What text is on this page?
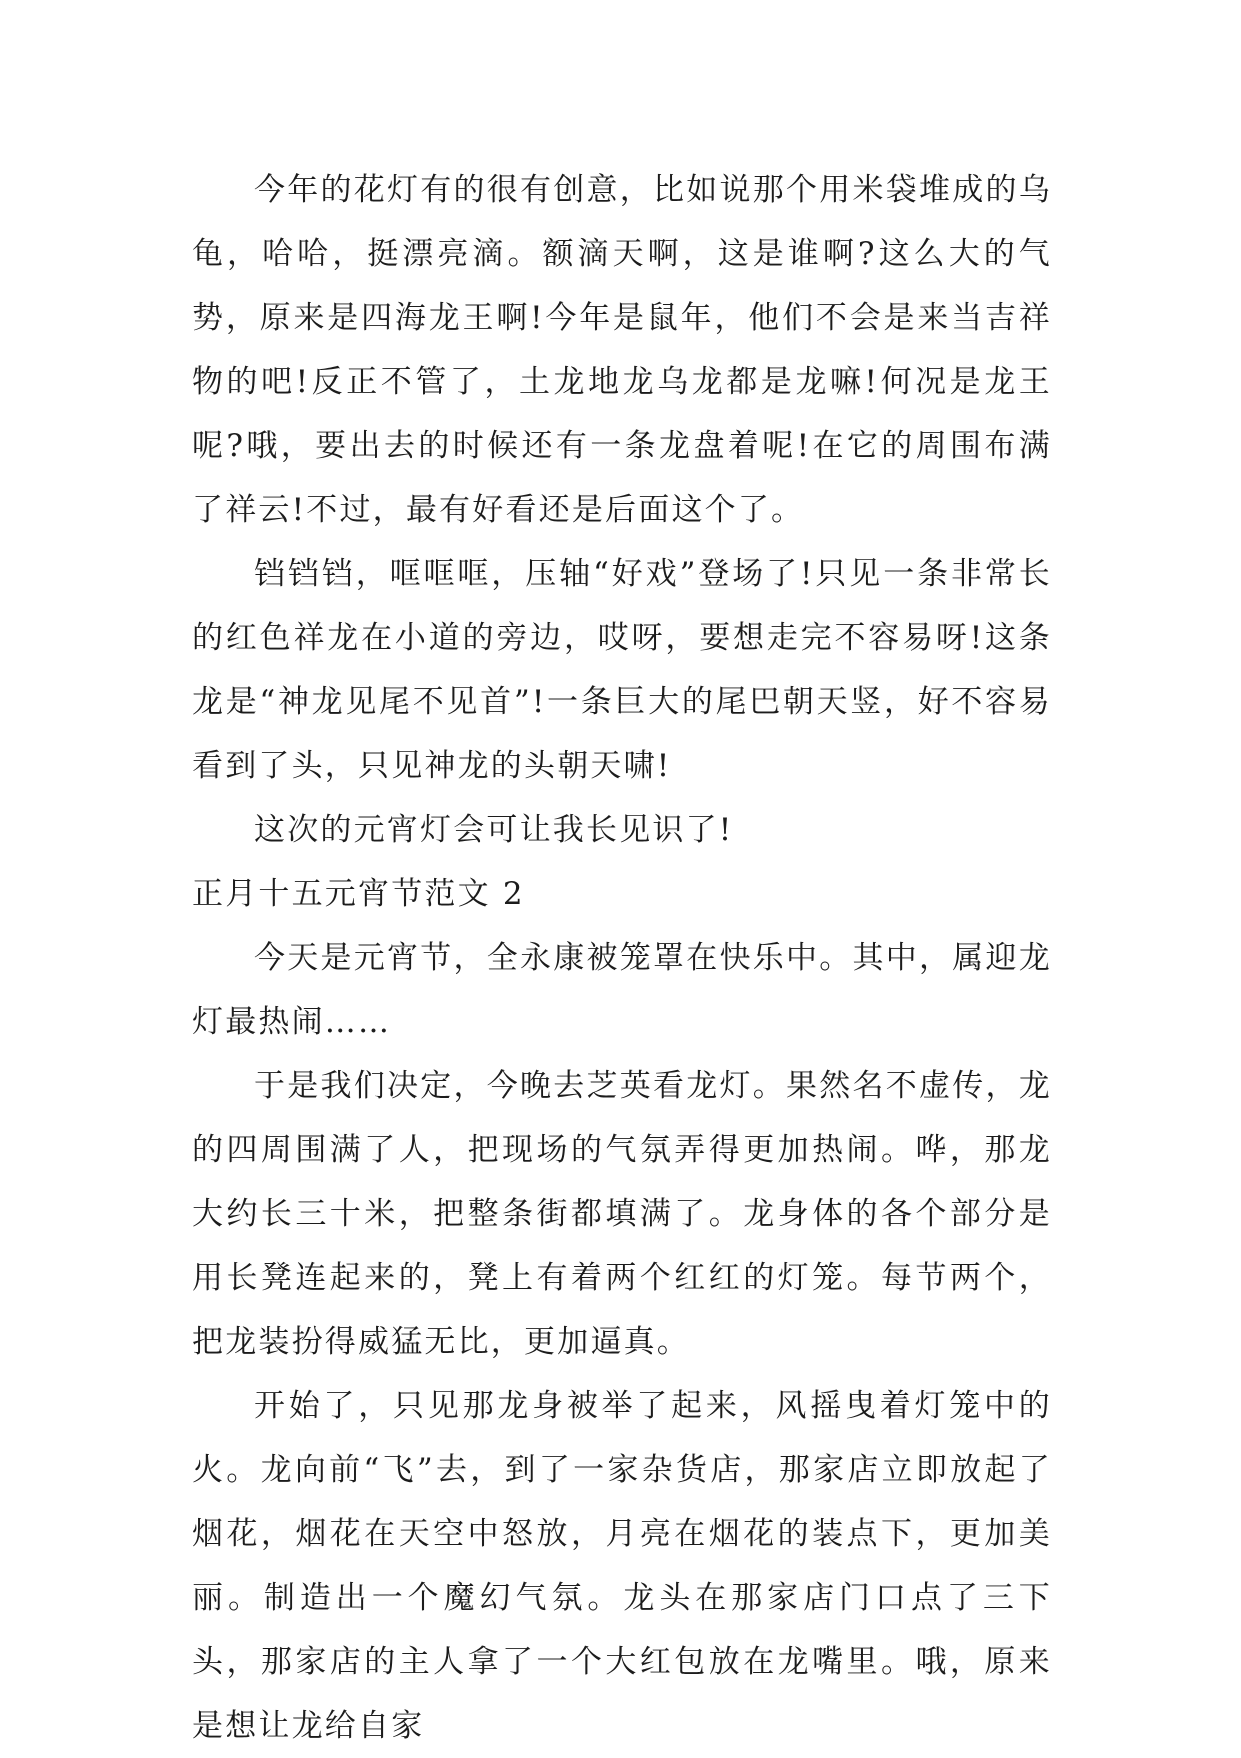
今年的花灯有的很有创意，比如说那个用米袋堆成的乌龟，哈哈，挺漂亮滴。额滴天啊，这是谁啊?这么大的气势，原来是四海龙王啊!今年是鼠年，他们不会是来当吉祥物的吧!反正不管了，土龙地龙乌龙都是龙嘛!何况是龙王呢?哦，要出去的时候还有一条龙盘着呢!在它的周围布满了祥云!不过，最有好看还是后面这个了。

铛铛铛，哐哐哐，压轴“好戏”登场了!只见一条非常长的红色祥龙在小道的旁边，哎呀，要想走完不容易呀!这条龙是“神龙见尾不见首”!一条巨大的尾巴朝天竖，好不容易看到了头，只见神龙的头朝天啸!

这次的元宵灯会可让我长见识了!

正月十五元宵节范文 2

今天是元宵节，全永康被笼罩在快乐中。其中，属迎龙灯最热闹……

于是我们决定，今晚去芝英看龙灯。果然名不虚传，龙的四周围满了人，把现场的气氛弄得更加热闹。哗，那龙大约长三十米，把整条街都填满了。龙身体的各个部分是用长凳连起来的，凳上有着两个红红的灯笼。每节两个，把龙装扮得威猛无比，更加逼真。

开始了，只见那龙身被举了起来，风摇曳着灯笼中的火。龙向前“飞”去，到了一家杂货店，那家店立即放起了烟花，烟花在天空中怒放，月亮在烟花的装点下，更加美丽。制造出一个魔幻气氛。龙头在那家店门口点了三下头，那家店的主人拿了一个大红包放在龙嘴里。哦，原来是想让龙给自家
